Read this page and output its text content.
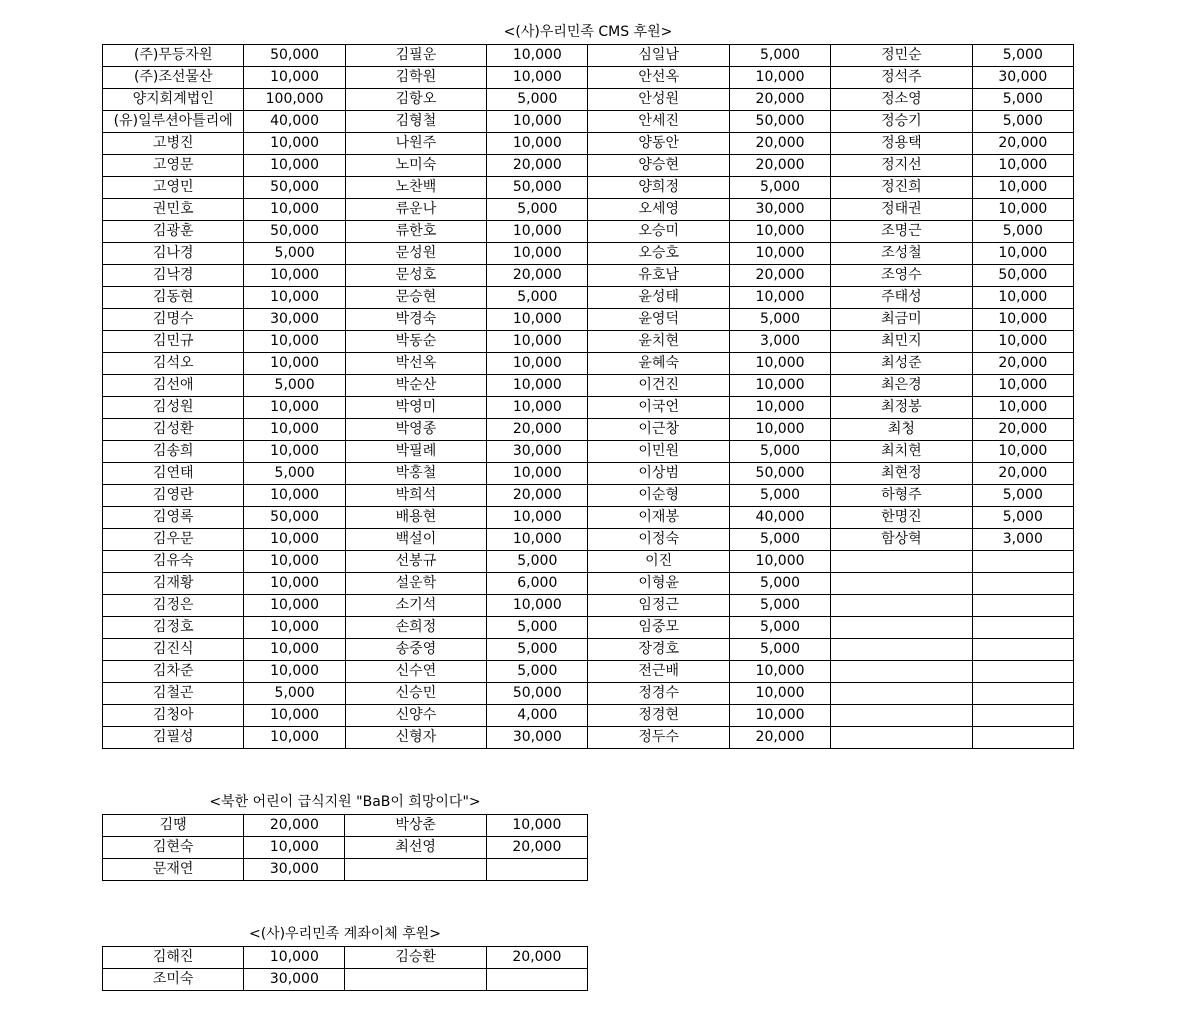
<(사)우리민족 CMS 후원>
(주)무등자원	50,000	김필운	10,000	심일남	5,000	정민순	5,000
(주)조선물산	10,000	김학원	10,000	안선옥	10,000	정석주	30,000
양지회계법인	100,000	김항오	5,000	안성원	20,000	정소영	5,000
(유)일루션아틀리에	40,000	김형철	10,000	안세진	50,000	정승기	5,000
고병진	10,000	나원주	10,000	양동안	20,000	정용택	20,000
고영문	10,000	노미숙	20,000	양승현	20,000	정지선	10,000
고영민	50,000	노찬백	50,000	양희정	5,000	정진희	10,000
권민호	10,000	류운나	5,000	오세영	30,000	정태권	10,000
김광훈	50,000	류한호	10,000	오승미	10,000	조명근	5,000
김나경	5,000	문성원	10,000	오승호	10,000	조성철	10,000
김낙경	10,000	문성호	20,000	유호남	20,000	조영수	50,000
김동현	10,000	문승현	5,000	윤성태	10,000	주태성	10,000
김명수	30,000	박경숙	10,000	윤영덕	5,000	최금미	10,000
김민규	10,000	박동순	10,000	윤치현	3,000	최민지	10,000
김석오	10,000	박선옥	10,000	윤혜숙	10,000	최성준	20,000
김선애	5,000	박순산	10,000	이건진	10,000	최은경	10,000
김성원	10,000	박영미	10,000	이국언	10,000	최정봉	10,000
김성환	10,000	박영종	20,000	이근창	10,000	최청	20,000
김송희	10,000	박필례	30,000	이민원	5,000	최치현	10,000
김연태	5,000	박홍철	10,000	이상범	50,000	최현정	20,000
김영란	10,000	박희석	20,000	이순형	5,000	하형주	5,000
김영록	50,000	배용현	10,000	이재봉	40,000	한명진	5,000
김우문	10,000	백설이	10,000	이정숙	5,000	함상혁	3,000
김유숙	10,000	선봉규	5,000	이진	10,000		
김재황	10,000	설운학	6,000	이형윤	5,000		
김정은	10,000	소기석	10,000	임정근	5,000		
김정호	10,000	손희정	5,000	임중모	5,000		
김진식	10,000	송중영	5,000	장경호	5,000		
김차준	10,000	신수연	5,000	전근배	10,000		
김철곤	5,000	신승민	50,000	정경수	10,000		
김청아	10,000	신양수	4,000	정경현	10,000		
김필성	10,000	신형자	30,000	정두수	20,000		
<북한 어린이 급식지원 "BaB이 희망이다">
김땡	20,000	박상춘	10,000
김현숙	10,000	최선영	20,000
문재연	30,000		
<(사)우리민족 계좌이체 후원>
김해진	10,000	김승환	20,000
조미숙	30,000		
